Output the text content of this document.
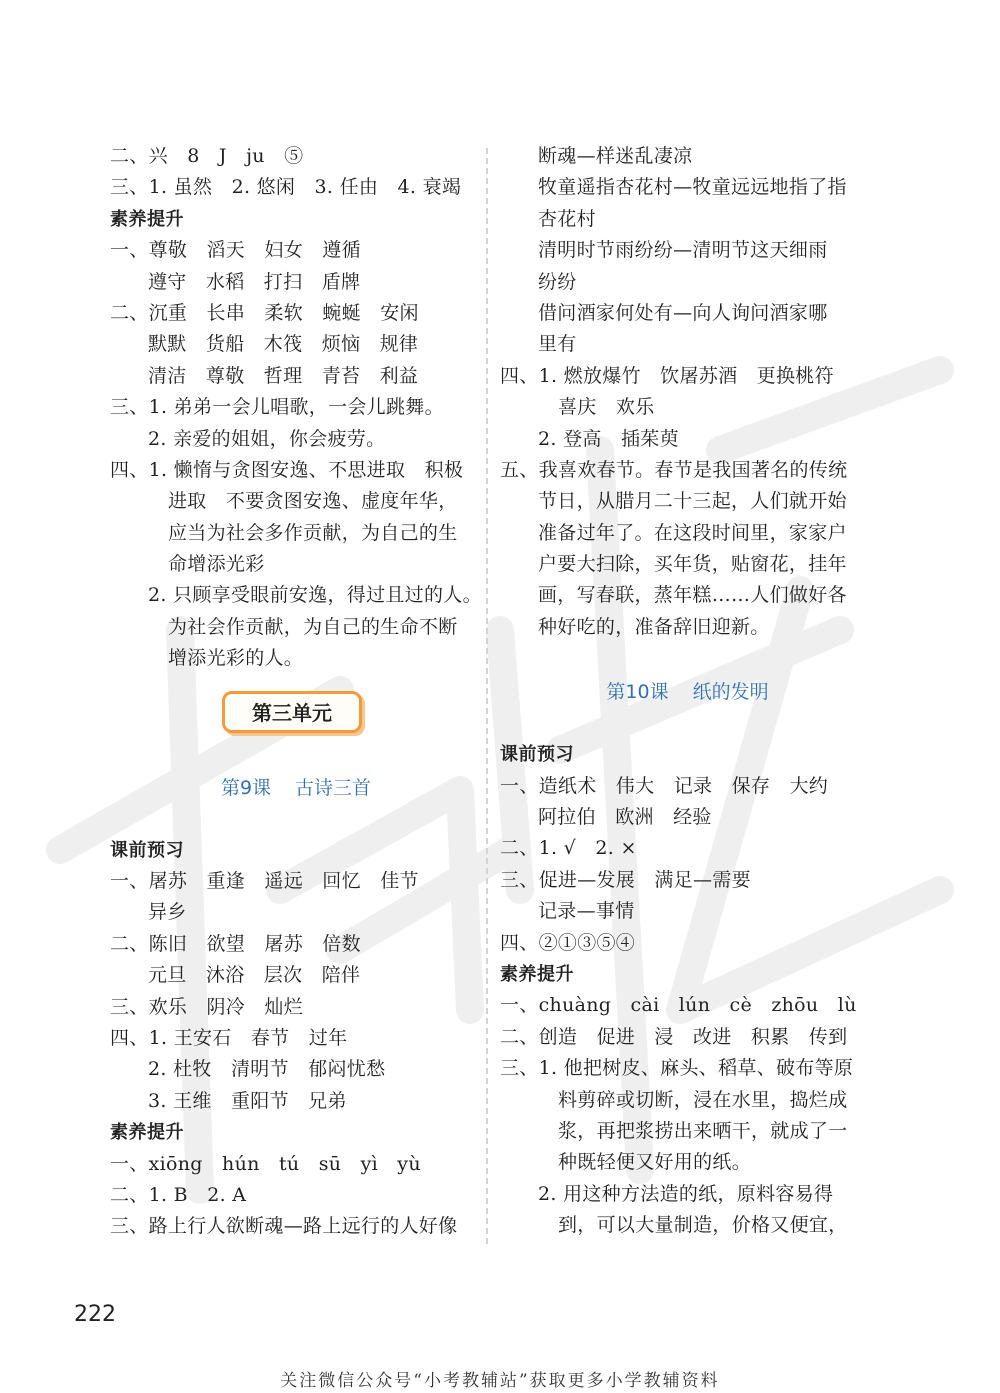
二、兴　8　J　ju　⑤
三、1. 虽然　2. 悠闲　3. 任由　4. 衰竭
素养提升
一、尊敬　滔天　妇女　遵循
遵守　水稻　打扫　盾牌
二、沉重　长串　柔软　蜿蜒　安闲
默默　货船　木筏　烦恼　规律
清洁　尊敬　哲理　青苔　利益
三、1. 弟弟一会儿唱歌，一会儿跳舞。
2. 亲爱的姐姐，你会疲劳。
四、1. 懒惰与贪图安逸、不思进取　积极
进取　不要贪图安逸、虚度年华，
应当为社会多作贡献，为自己的生
命增添光彩
2. 只顾享受眼前安逸，得过且过的人。
为社会作贡献，为自己的生命不断
增添光彩的人。
第三单元
第9课 古诗三首
课前预习
一、屠苏　重逢　遥远　回忆　佳节
异乡
二、陈旧　欲望　屠苏　倍数
元旦　沐浴　层次　陪伴
三、欢乐　阴冷　灿烂
四、1. 王安石　春节　过年
2. 杜牧　清明节　郁闷忧愁
3. 王维　重阳节　兄弟
素养提升
一、xiōng　hún　tú　sū　yì　yù
二、1. B　2. A
三、路上行人欲断魂—路上远行的人好像
断魂—样迷乱凄凉
牧童遥指杏花村—牧童远远地指了指
杏花村
清明时节雨纷纷—清明节这天细雨
纷纷
借问酒家何处有—向人询问酒家哪
里有
四、1. 燃放爆竹　饮屠苏酒　更换桃符
喜庆　欢乐
2. 登高　插茱萸
五、我喜欢春节。春节是我国著名的传统
节日，从腊月二十三起，人们就开始
准备过年了。在这段时间里，家家户
户要大扫除，买年货，贴窗花，挂年
画，写春联，蒸年糕……人们做好各
种好吃的，准备辞旧迎新。
第10课 纸的发明
课前预习
一、造纸术　伟大　记录　保存　大约
阿拉伯　欧洲　经验
二、1. √　2. ×
三、促进—发展　满足—需要
记录—事情
四、②①③⑤④
素养提升
一、chuàng　cài　lún　cè　zhōu　lù
二、创造　促进　浸　改进　积累　传到
三、1. 他把树皮、麻头、稻草、破布等原
料剪碎或切断，浸在水里，捣烂成
浆，再把浆捞出来晒干，就成了一
种既轻便又好用的纸。
2. 用这种方法造的纸，原料容易得
到，可以大量制造，价格又便宜，
222
关注微信公众号“小考教辅站”获取更多小学教辅资料
